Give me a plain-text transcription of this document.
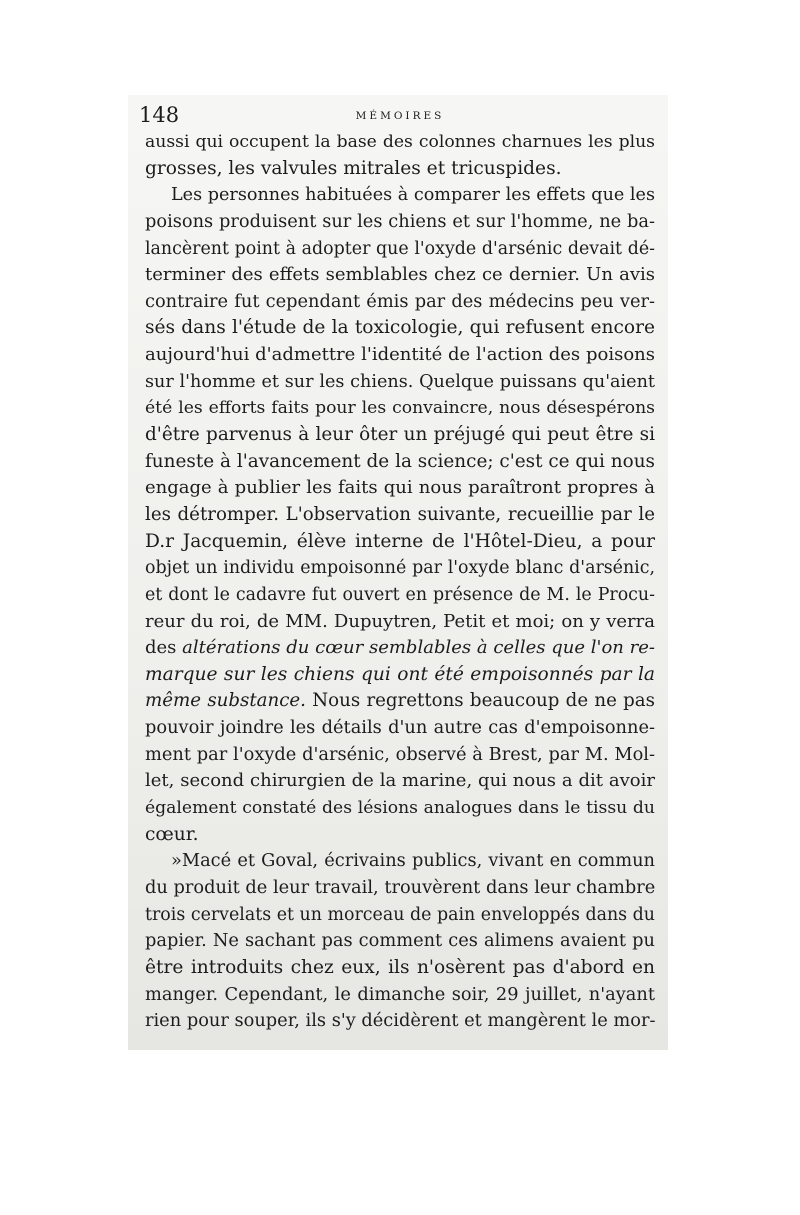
148	MÉMOIRES
aussi qui occupent la base des colonnes charnues les plus
grosses, les valvules mitrales et tricuspides.
Les personnes habituées à comparer les effets que les
poisons produisent sur les chiens et sur l'homme, ne ba-
lancèrent point à adopter que l'oxyde d'arsénic devait dé-
terminer des effets semblables chez ce dernier. Un avis
contraire fut cependant émis par des médecins peu ver-
sés dans l'étude de la toxicologie, qui refusent encore
aujourd'hui d'admettre l'identité de l'action des poisons
sur l'homme et sur les chiens. Quelque puissans qu'aient
été les efforts faits pour les convaincre, nous désespérons
d'être parvenus à leur ôter un préjugé qui peut être si
funeste à l'avancement de la science; c'est ce qui nous
engage à publier les faits qui nous paraîtront propres à
les détromper. L'observation suivante, recueillie par le
D.r Jacquemin, élève interne de l'Hôtel-Dieu, a pour
objet un individu empoisonné par l'oxyde blanc d'arsénic,
et dont le cadavre fut ouvert en présence de M. le Procu-
reur du roi, de MM. Dupuytren, Petit et moi; on y verra
des altérations du cœur semblables à celles que l'on re-
marque sur les chiens qui ont été empoisonnés par la
même substance. Nous regrettons beaucoup de ne pas
pouvoir joindre les détails d'un autre cas d'empoisonne-
ment par l'oxyde d'arsénic, observé à Brest, par M. Mol-
let, second chirurgien de la marine, qui nous a dit avoir
également constaté des lésions analogues dans le tissu du
cœur.
»Macé et Goval, écrivains publics, vivant en commun
du produit de leur travail, trouvèrent dans leur chambre
trois cervelats et un morceau de pain enveloppés dans du
papier. Ne sachant pas comment ces alimens avaient pu
être introduits chez eux, ils n'osèrent pas d'abord en
manger. Cependant, le dimanche soir, 29 juillet, n'ayant
rien pour souper, ils s'y décidèrent et mangèrent le mor-
